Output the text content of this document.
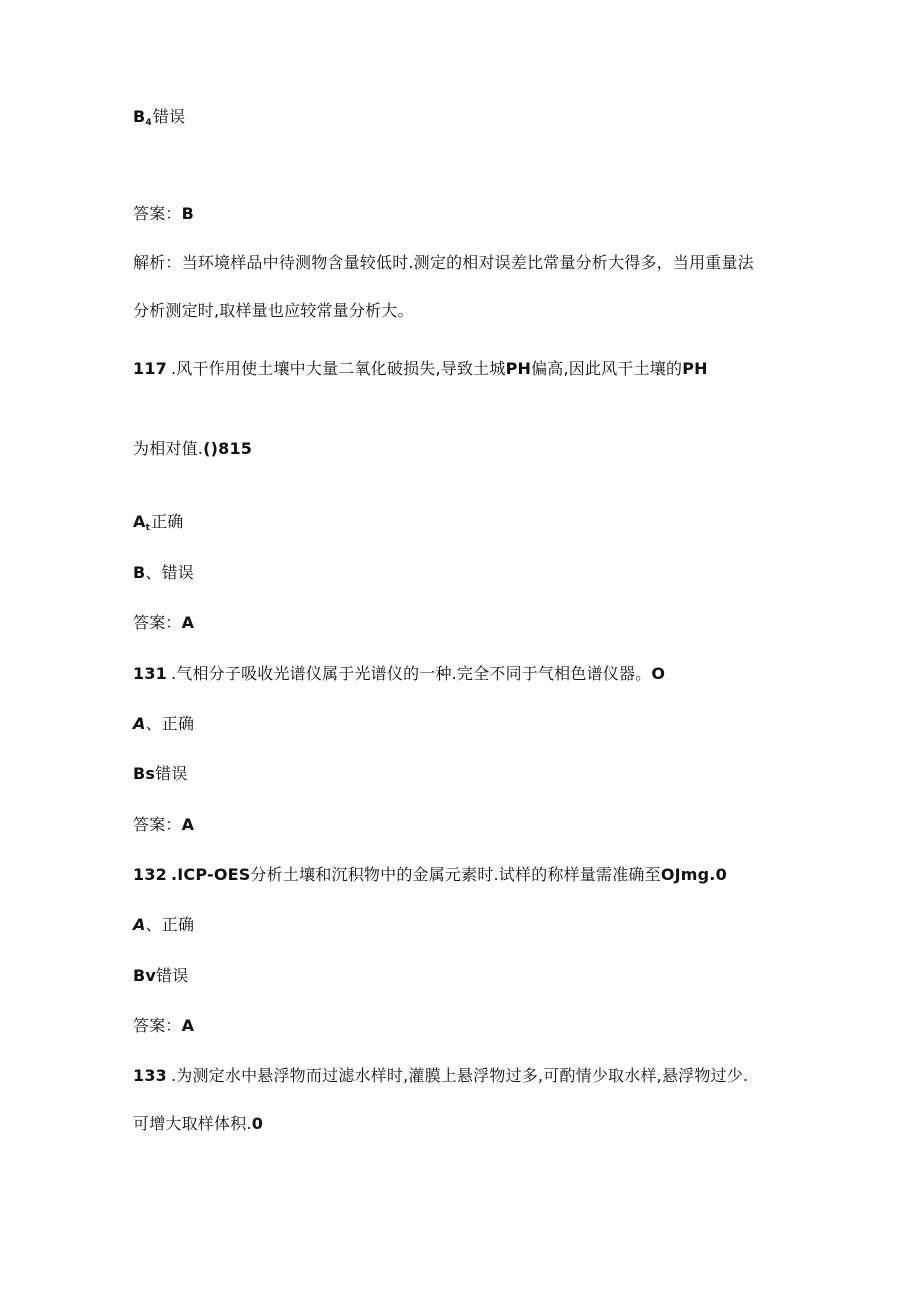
B4错误
答案：B
解析：当环境样品中待测物含量较低时.测定的相对误差比常量分析大得多，当用重量法
分析测定时,取样量也应较常量分析大。
117 .风干作用使土壤中大量二氧化破损失,导致土城PH偏高,因此风干土壤的PH
为相对值.()815
At正确
B、错误
答案：A
131 .气相分子吸收光谱仪属于光谱仪的一种.完全不同于气相色谱仪器。O
A、正确
Bs错误
答案：A
132 .ICP-OES分析土壤和沉积物中的金属元素时.试样的称样量需准确至OJmg.0
A、正确
Bv错误
答案：A
133 .为测定水中悬浮物而过滤水样时,灌膜上悬浮物过多,可酌情少取水样,悬浮物过少.
可增大取样体积.0
